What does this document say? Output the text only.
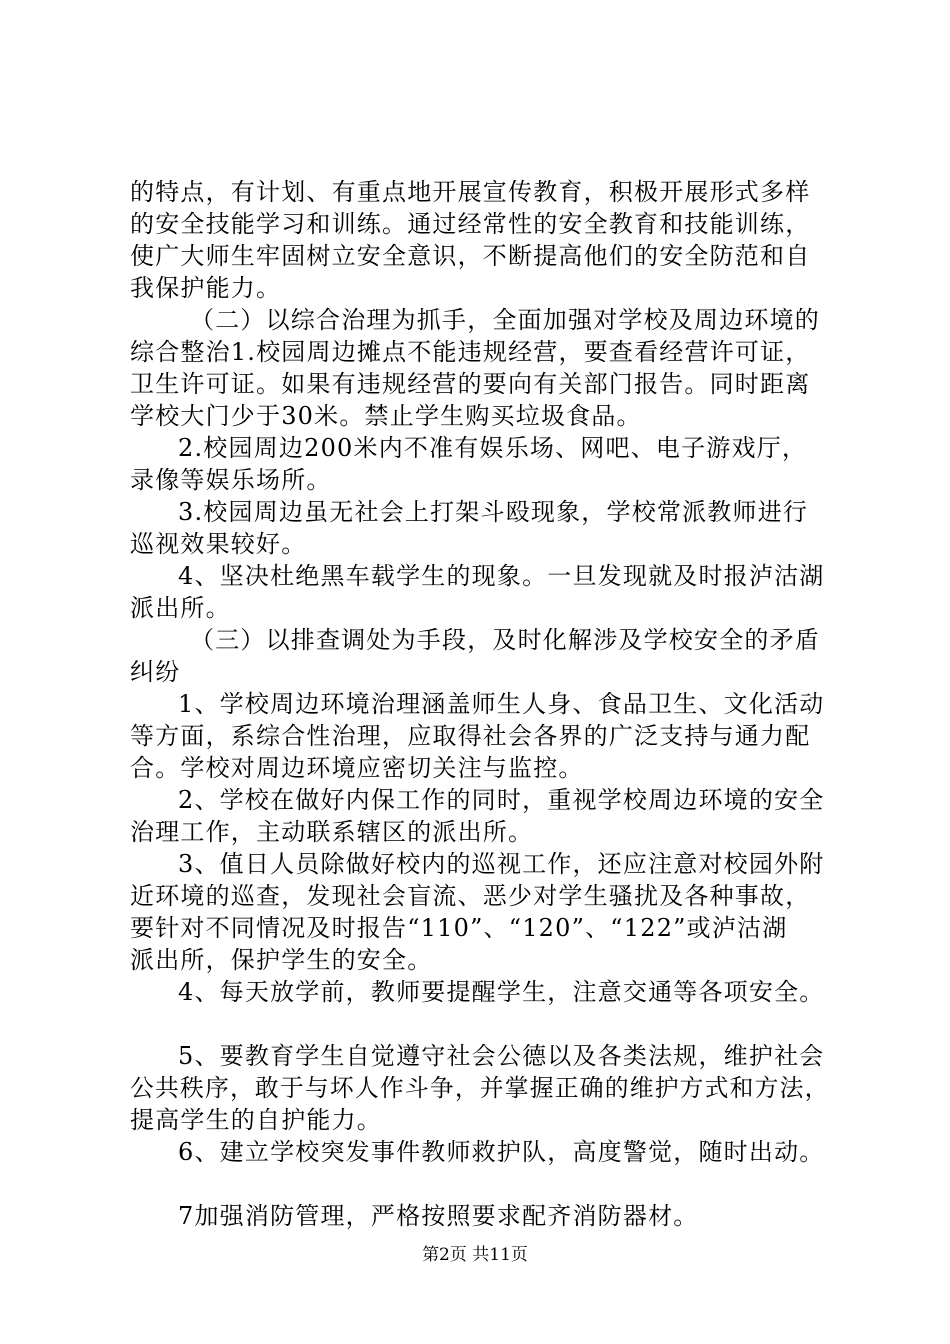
的特点，有计划、有重点地开展宣传教育，积极开展形式多样
的安全技能学习和训练。通过经常性的安全教育和技能训练，
使广大师生牢固树立安全意识，不断提高他们的安全防范和自
我保护能力。
（二）以综合治理为抓手，全面加强对学校及周边环境的
综合整治1.校园周边摊点不能违规经营，要查看经营许可证，
卫生许可证。如果有违规经营的要向有关部门报告。同时距离
学校大门少于30米。禁止学生购买垃圾食品。
2.校园周边200米内不准有娱乐场、网吧、电子游戏厅，
录像等娱乐场所。
3.校园周边虽无社会上打架斗殴现象，学校常派教师进行
巡视效果较好。
4、坚决杜绝黑车载学生的现象。一旦发现就及时报泸沽湖
派出所。
（三）以排查调处为手段，及时化解涉及学校安全的矛盾
纠纷
1、学校周边环境治理涵盖师生人身、食品卫生、文化活动
等方面，系综合性治理，应取得社会各界的广泛支持与通力配
合。学校对周边环境应密切关注与监控。
2、学校在做好内保工作的同时，重视学校周边环境的安全
治理工作，主动联系辖区的派出所。
3、值日人员除做好校内的巡视工作，还应注意对校园外附
近环境的巡查，发现社会盲流、恶少对学生骚扰及各种事故，
要针对不同情况及时报告“110”、“120”、“122”或泸沽湖
派出所，保护学生的安全。
4、每天放学前，教师要提醒学生，注意交通等各项安全。
5、要教育学生自觉遵守社会公德以及各类法规，维护社会
公共秩序，敢于与坏人作斗争，并掌握正确的维护方式和方法，
提高学生的自护能力。
6、建立学校突发事件教师救护队，高度警觉，随时出动。
7加强消防管理，严格按照要求配齐消防器材。
第2页 共11页
